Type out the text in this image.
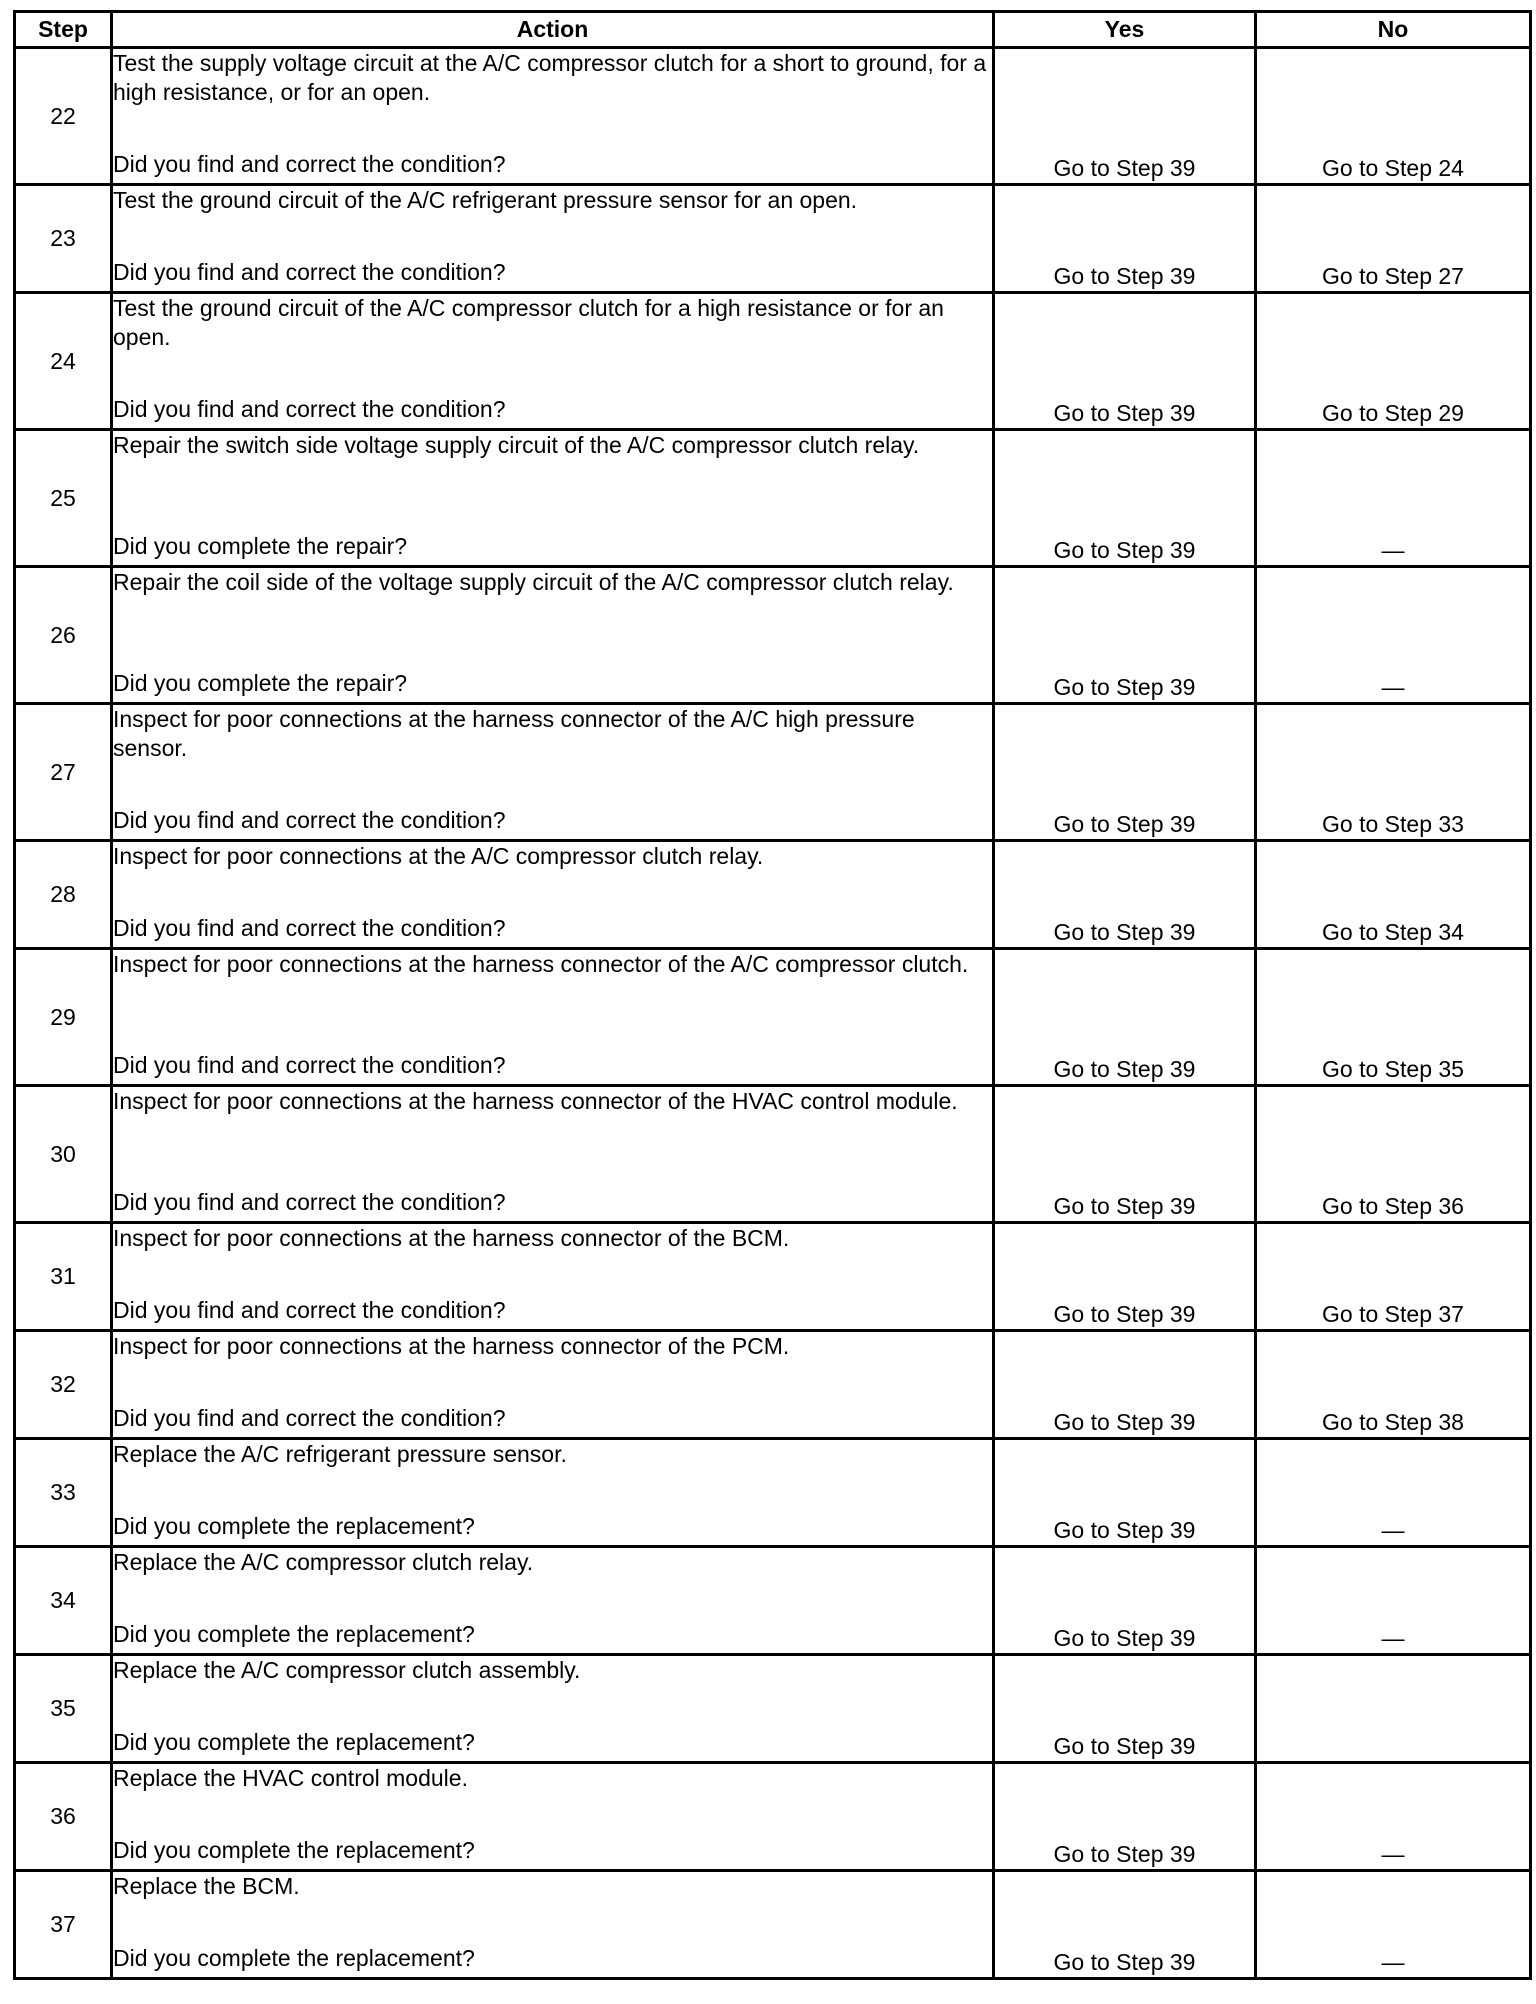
Step	Action	Yes	No
22	Test the supply voltage circuit at the A/C compressor clutch for a short to ground, for a high resistance, or for an open.
Did you find and correct the condition?	Go to Step 39	Go to Step 24
23	Test the ground circuit of the A/C refrigerant pressure sensor for an open.
Did you find and correct the condition?	Go to Step 39	Go to Step 27
24	Test the ground circuit of the A/C compressor clutch for a high resistance or for an open.
Did you find and correct the condition?	Go to Step 39	Go to Step 29
25	Repair the switch side voltage supply circuit of the A/C compressor clutch relay.
Did you complete the repair?	Go to Step 39	—
26	Repair the coil side of the voltage supply circuit of the A/C compressor clutch relay.
Did you complete the repair?	Go to Step 39	—
27	Inspect for poor connections at the harness connector of the A/C high pressure sensor.
Did you find and correct the condition?	Go to Step 39	Go to Step 33
28	Inspect for poor connections at the A/C compressor clutch relay.
Did you find and correct the condition?	Go to Step 39	Go to Step 34
29	Inspect for poor connections at the harness connector of the A/C compressor clutch.
Did you find and correct the condition?	Go to Step 39	Go to Step 35
30	Inspect for poor connections at the harness connector of the HVAC control module.
Did you find and correct the condition?	Go to Step 39	Go to Step 36
31	Inspect for poor connections at the harness connector of the BCM.
Did you find and correct the condition?	Go to Step 39	Go to Step 37
32	Inspect for poor connections at the harness connector of the PCM.
Did you find and correct the condition?	Go to Step 39	Go to Step 38
33	Replace the A/C refrigerant pressure sensor.
Did you complete the replacement?	Go to Step 39	—
34	Replace the A/C compressor clutch relay.
Did you complete the replacement?	Go to Step 39	—
35	Replace the A/C compressor clutch assembly.
Did you complete the replacement?	Go to Step 39	
36	Replace the HVAC control module.
Did you complete the replacement?	Go to Step 39	—
37	Replace the BCM.
Did you complete the replacement?	Go to Step 39	—
